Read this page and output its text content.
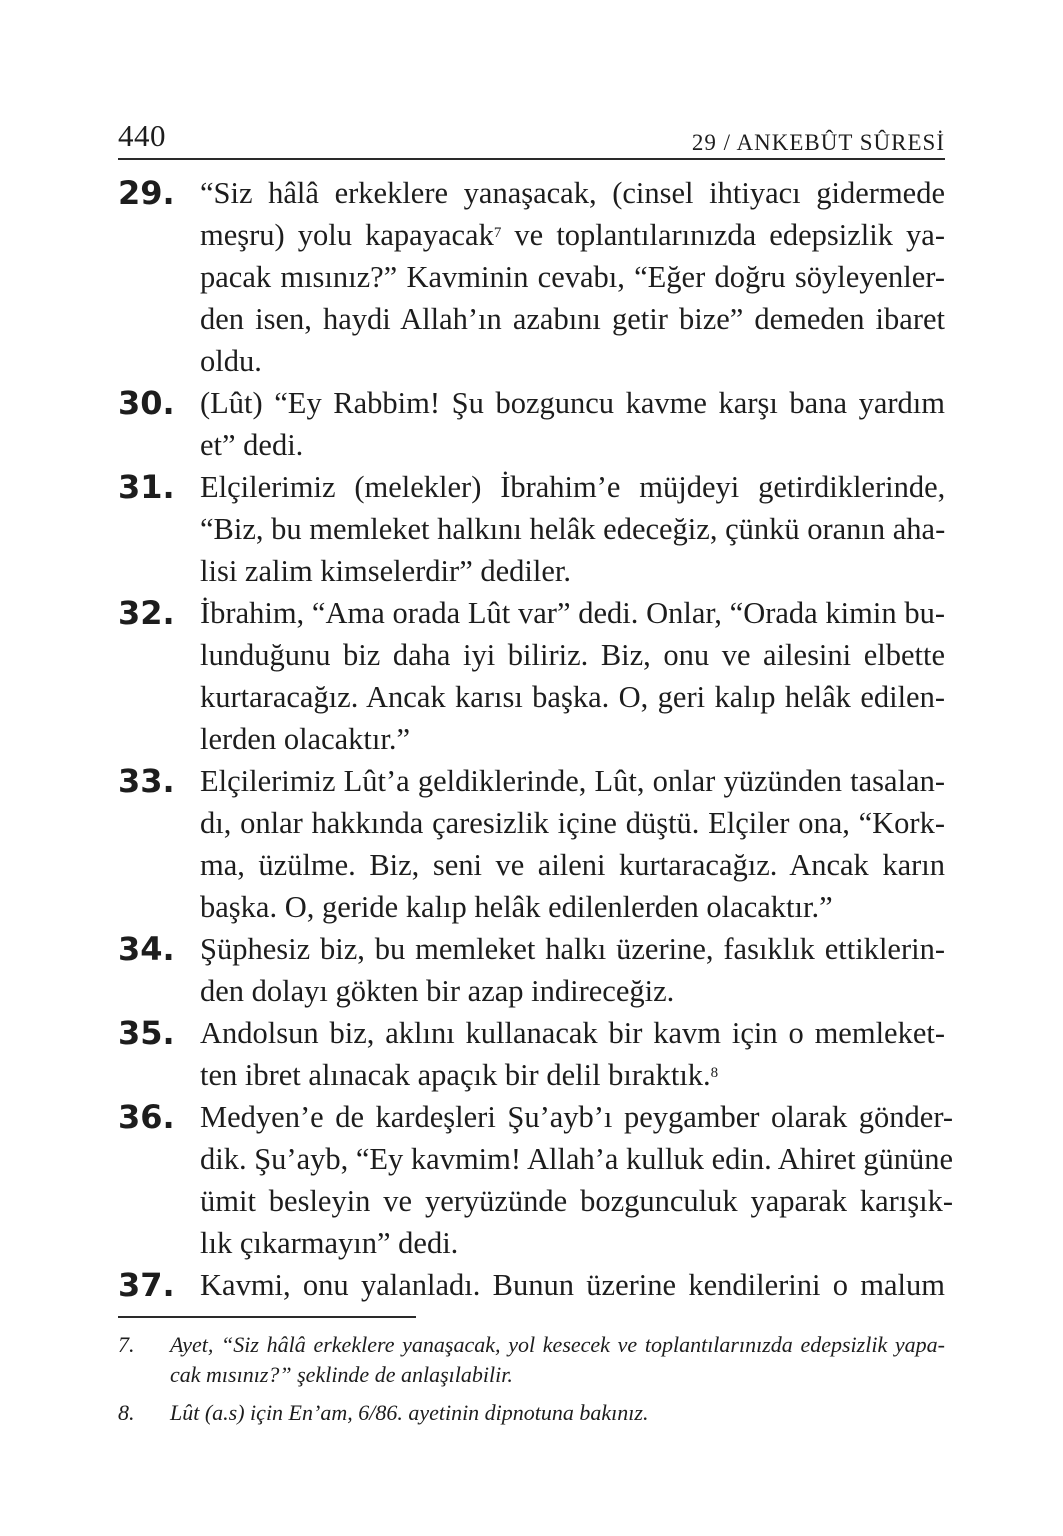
440	29 / ANKEBÛT SÛRESİ
29. “Siz hâlâ erkeklere yanaşacak, (cinsel ihtiyacı gidermede
meşru) yolu kapayacak$^7$ ve toplantılarınızda edepsizlik ya-
pacak mısınız?” Kavminin cevabı, “Eğer doğru söyleyenler-
den isen, haydi Allah’ın azabını getir bize” demeden ibaret
oldu.
30. (Lût) “Ey Rabbim! Şu bozguncu kavme karşı bana yardım
et” dedi.
31. Elçilerimiz (melekler) İbrahim’e müjdeyi getirdiklerinde,
“Biz, bu memleket halkını helâk edeceğiz, çünkü oranın aha-
lisi zalim kimselerdir” dediler.
32. İbrahim, “Ama orada Lût var” dedi. Onlar, “Orada kimin bu-
lunduğunu biz daha iyi biliriz. Biz, onu ve ailesini elbette
kurtaracağız. Ancak karısı başka. O, geri kalıp helâk edilen-
lerden olacaktır.”
33. Elçilerimiz Lût’a geldiklerinde, Lût, onlar yüzünden tasalan-
dı, onlar hakkında çaresizlik içine düştü. Elçiler ona, “Kork-
ma, üzülme. Biz, seni ve aileni kurtaracağız. Ancak karın
başka. O, geride kalıp helâk edilenlerden olacaktır.”
34. Şüphesiz biz, bu memleket halkı üzerine, fasıklık ettiklerin-
den dolayı gökten bir azap indireceğiz.
35. Andolsun biz, aklını kullanacak bir kavm için o memleket-
ten ibret alınacak apaçık bir delil bıraktık.$^8$
36. Medyen’e de kardeşleri Şu’ayb’ı peygamber olarak gönder-
dik. Şu’ayb, “Ey kavmim! Allah’a kulluk edin. Ahiret gününe
ümit besleyin ve yeryüzünde bozgunculuk yaparak karışık-
lık çıkarmayın” dedi.
37. Kavmi, onu yalanladı. Bunun üzerine kendilerini o malum
7.	Ayet, “Siz hâlâ erkeklere yanaşacak, yol kesecek ve toplantılarınızda edepsizlik yapa-
cak mısınız?” şeklinde de anlaşılabilir.
8.	Lût (a.s) için En’am, 6/86. ayetinin dipnotuna bakınız.
